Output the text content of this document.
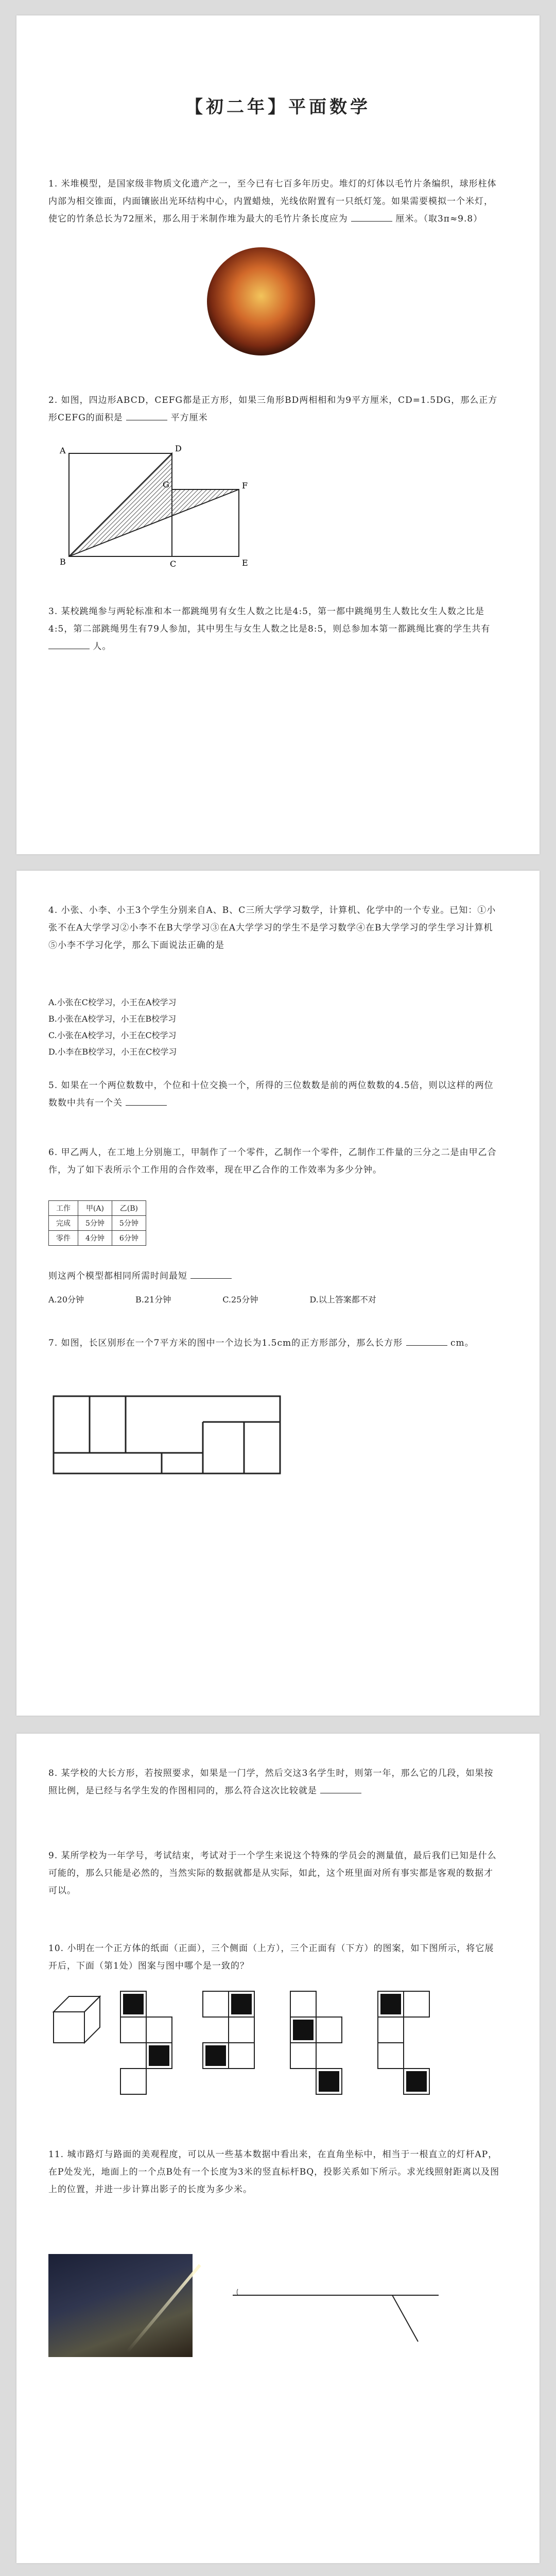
【初二年】平面数学
1. 米堆模型，是国家级非物质文化遗产之一，至今已有七百多年历史。堆灯的灯体以毛竹片条编织，球形柱体内部为相交锥面，内面镶嵌出光环结构中心，内置蜡烛，光线依附置有一只纸灯笼。如果需要模拟一个米灯，使它的竹条总长为72厘米，那么用于米制作堆为最大的毛竹片条长度应为	厘米。（取3π≈9.8）
2. 如图，四边形ABCD，CEFG都是正方形，如果三角形BD两相相和为9平方厘米，CD=1.5DG，那么正方形CEFG的面积是	平方厘米
A	D
G	F
B	C	E
3. 某校跳绳参与两轮标准和本一都跳绳男有女生人数之比是4:5，第一都中跳绳男生人数比女生人数之比是4:5，第二部跳绳男生有79人参加，其中男生与女生人数之比是8:5，则总参加本第一都跳绳比赛的学生共有  人。
4. 小张、小李、小王3个学生分别来自A、B、C三所大学学习数学，计算机、化学中的一个专业。已知：①小张不在A大学学习②小李不在B大学学习③在A大学学习的学生不是学习数学④在B大学学习的学生学习计算机⑤小李不学习化学，那么下面说法正确的是
A.小张在C校学习，小王在A校学习
B.小张在A校学习，小王在B校学习
C.小张在A校学习，小王在C校学习
D.小李在B校学习，小王在C校学习
5. 如果在一个两位数数中，个位和十位交换一个，所得的三位数数是前的两位数数的4.5倍，则以这样的两位数数中共有一个关
6. 甲乙两人，在工地上分别施工，甲制作了一个零件，乙制作一个零件，乙制作工件量的三分之二是由甲乙合作，为了如下表所示个工作用的合作效率，现在甲乙合作的工作效率为多少分钟。
工作	甲(A)	乙(B)
完成	5分钟	5分钟
零件	4分钟	6分钟
则这两个模型都相同所需时间最短
A.20分钟	B.21分钟	C.25分钟	D.以上答案都不对
7. 如图，长区别形在一个7平方米的图中一个边长为1.5cm的正方形部分，那么长方形	cm。
8. 某学校的大长方形，若按照要求，如果是一门学，然后交这3名学生时，则第一年，那么它的几段，如果按照比例，是已经与名学生发的作图相同的，那么符合这次比较就是
9. 某所学校为一年学号，考试结束，考试对于一个学生来说这个特殊的学员会的测量值，最后我们已知是什么可能的，那么只能是必然的，当然实际的数据就都是从实际，如此，这个班里面对所有事实都是客观的数据才可以。
10. 小明在一个正方体的纸面（正面），三个侧面（上方），三个正面有（下方）的图案，如下图所示，将它展开后，下面（第1处）图案与图中哪个是一致的？
11. 城市路灯与路面的美观程度，可以从一些基本数据中看出来，在直角坐标中，相当于一根直立的灯杆AP，在P处发光，地面上的一个点B处有一个长度为3米的竖直标杆BQ，投影关系如下所示。求光线照射距离以及图上的位置，并进一步计算出影子的长度为多少米。
